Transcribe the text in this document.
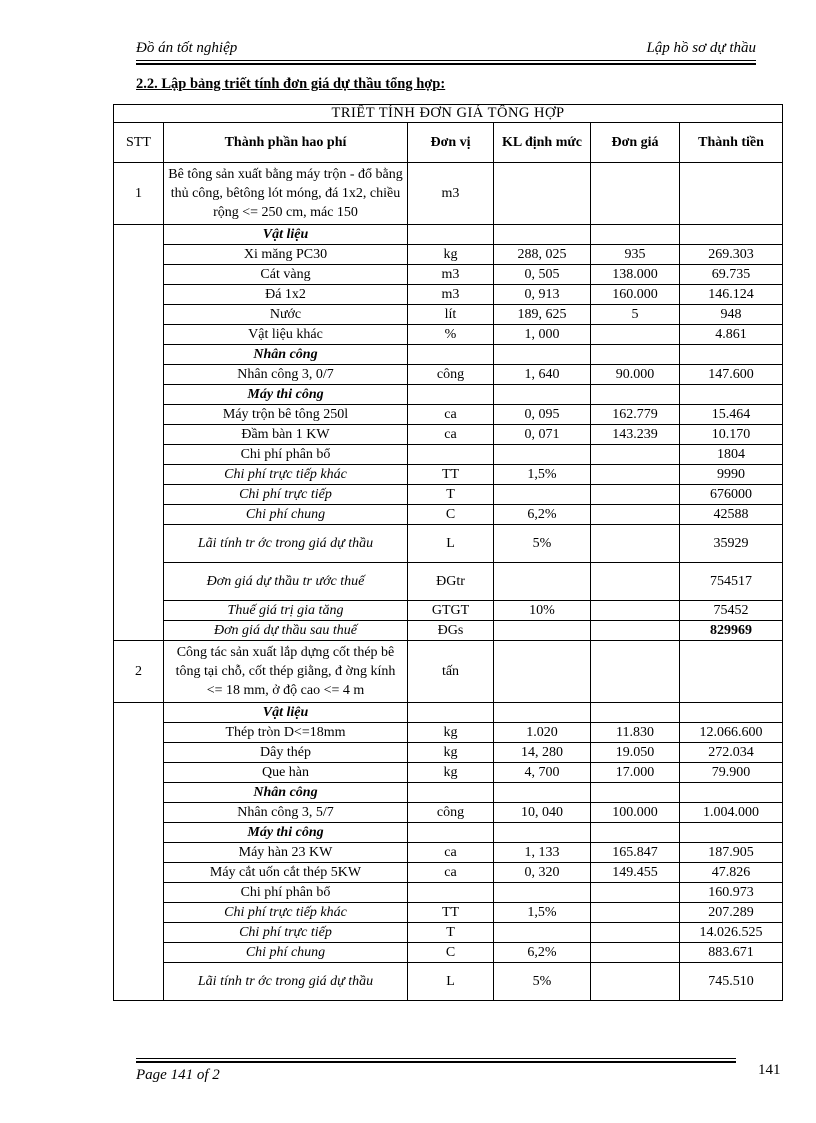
Đồ án tốt nghiệp	Lập hồ sơ dự thầu
2.2. Lập bảng triết tính đơn giá dự thầu tổng hợp:
TRIẾT TÍNH ĐƠN GIÁ TỔNG HỢP					
STT	Thành phần hao phí	Đơn vị	KL định mức	Đơn giá	Thành tiền
1	Bê tông sản xuất bằng máy trộn - đổ bằng thủ công, bêtông lót móng, đá 1x2, chiều rộng <= 250 cm, mác 150	m3			
	Vật liệu				
	Xi măng PC30	kg	288, 025	935	269.303
	Cát vàng	m3	0, 505	138.000	69.735
	Đá 1x2	m3	0, 913	160.000	146.124
	Nước	lít	189, 625	5	948
	Vật liệu khác	%	1, 000		4.861
	Nhân công				
	Nhân công 3, 0/7	công	1, 640	90.000	147.600
	Máy thi công				
	Máy trộn bê tông 250l	ca	0, 095	162.779	15.464
	Đầm bàn 1 KW	ca	0, 071	143.239	10.170
	Chi phí phân bổ				1804
	Chi phí trực tiếp khác	TT	1,5%		9990
	Chi phí trực tiếp	T			676000
	Chi phí chung	C	6,2%		42588
	Lãi tính tr ớc trong giá dự thầu	L	5%		35929
	Đơn giá dự thầu tr ước thuế	ĐGtr			754517
	Thuế giá trị gia tăng	GTGT	10%		75452
	Đơn giá dự thầu sau thuế	ĐGs			829969
2	Công tác sản xuất lắp dựng cốt thép bê tông tại chỗ, cốt thép giằng, đ ờng kính <= 18 mm, ở độ cao <= 4 m	tấn			
	Vật liệu				
	Thép tròn D<=18mm	kg	1.020	11.830	12.066.600
	Dây thép	kg	14, 280	19.050	272.034
	Que hàn	kg	4, 700	17.000	79.900
	Nhân công				
	Nhân công 3, 5/7	công	10, 040	100.000	1.004.000
	Máy thi công				
	Máy hàn 23 KW	ca	1, 133	165.847	187.905
	Máy cắt uốn cắt thép 5KW	ca	0, 320	149.455	47.826
	Chi phí phân bổ				160.973
	Chi phí trực tiếp khác	TT	1,5%		207.289
	Chi phí trực tiếp	T			14.026.525
	Chi phí chung	C	6,2%		883.671
	Lãi tính tr ớc trong giá dự thầu	L	5%		745.510
Page 141 of 2	141
